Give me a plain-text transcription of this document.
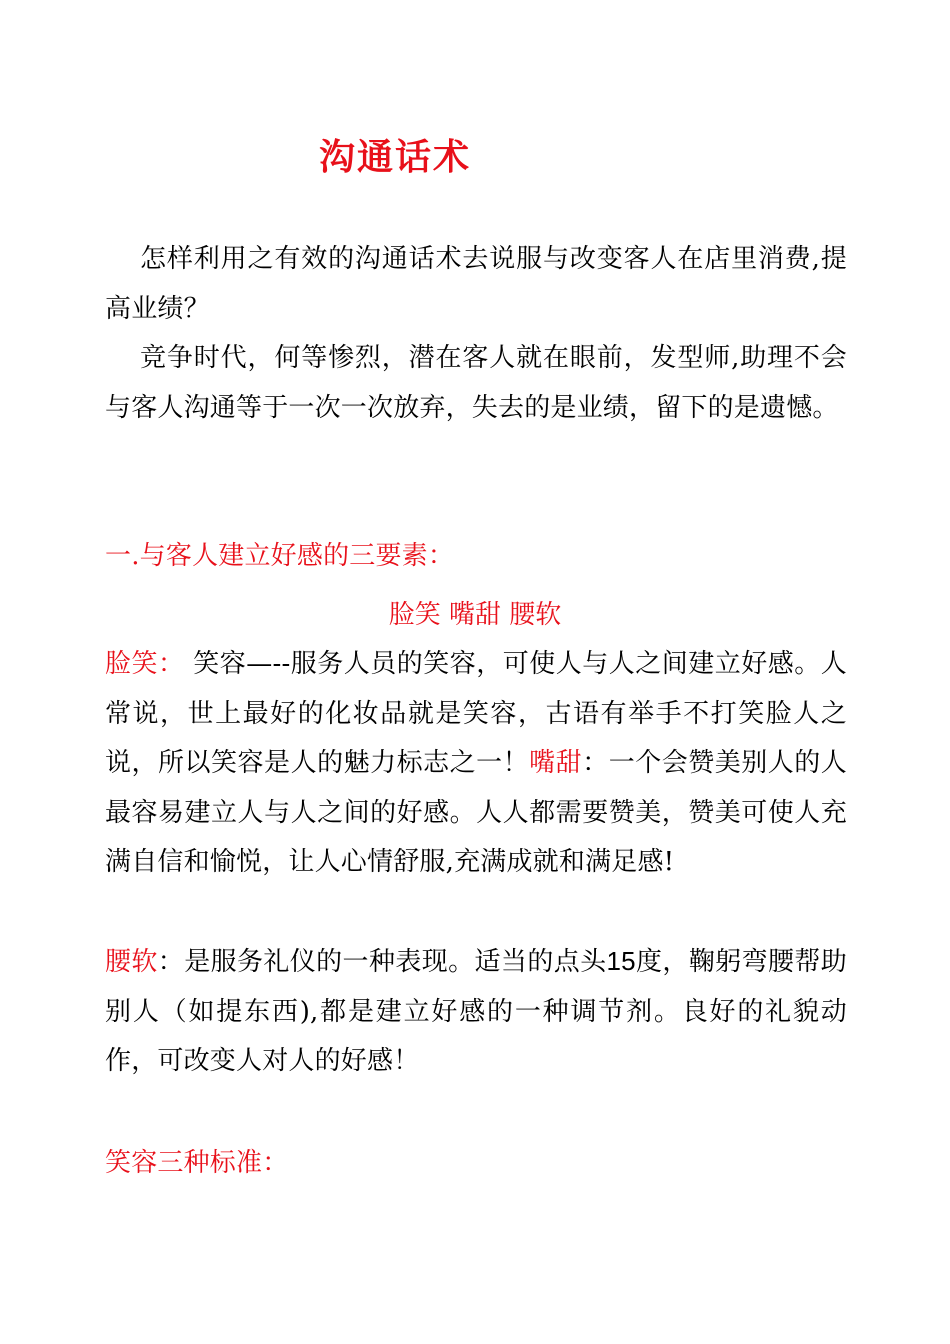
沟通话术

怎样利用之有效的沟通话术去说服与改变客人在店里消费,提高业绩？

竞争时代，何等惨烈，潜在客人就在眼前，发型师,助理不会与客人沟通等于一次一次放弃，失去的是业绩，留下的是遗憾。

一.与客人建立好感的三要素：

脸笑 嘴甜 腰软

脸笑： 笑容—--服务人员的笑容，可使人与人之间建立好感。人常说，世上最好的化妆品就是笑容，古语有举手不打笑脸人之说，所以笑容是人的魅力标志之一！嘴甜：一个会赞美别人的人最容易建立人与人之间的好感。人人都需要赞美，赞美可使人充满自信和愉悦，让人心情舒服,充满成就和满足感!

腰软：是服务礼仪的一种表现。适当的点头15度，鞠躬弯腰帮助别人（如提东西),都是建立好感的一种调节剂。良好的礼貌动作，可改变人对人的好感！

笑容三种标准：
